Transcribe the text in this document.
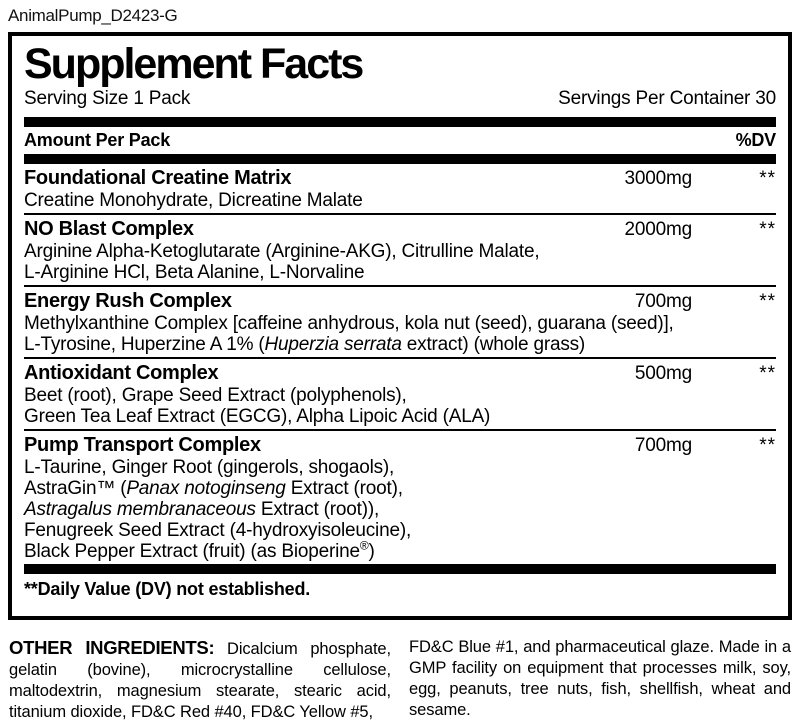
AnimalPump_D2423-G
Supplement Facts
Serving Size 1 Pack	Servings Per Container 30
Amount Per Pack	%DV
Foundational Creatine Matrix	3000mg	**
Creatine Monohydrate, Dicreatine Malate
NO Blast Complex	2000mg	**
Arginine Alpha-Ketoglutarate (Arginine-AKG), Citrulline Malate,
L-Arginine HCl, Beta Alanine, L-Norvaline
Energy Rush Complex	700mg	**
Methylxanthine Complex [caffeine anhydrous, kola nut (seed), guarana (seed)],
L-Tyrosine, Huperzine A 1% (Huperzia serrata extract) (whole grass)
Antioxidant Complex	500mg	**
Beet (root), Grape Seed Extract (polyphenols),
Green Tea Leaf Extract (EGCG), Alpha Lipoic Acid (ALA)
Pump Transport Complex	700mg	**
L-Taurine, Ginger Root (gingerols, shogaols),
AstraGin™ (Panax notoginseng Extract (root),
Astragalus membranaceous Extract (root)),
Fenugreek Seed Extract (4-hydroxyisoleucine),
Black Pepper Extract (fruit) (as Bioperine®)
**Daily Value (DV) not established.
OTHER INGREDIENTS: Dicalcium phosphate, gelatin (bovine), microcrystalline cellulose, maltodextrin, magnesium stearate, stearic acid, titanium dioxide, FD&C Red #40, FD&C Yellow #5,
FD&C Blue #1, and pharmaceutical glaze. Made in a GMP facility on equipment that processes milk, soy, egg, peanuts, tree nuts, fish, shellfish, wheat and sesame.
